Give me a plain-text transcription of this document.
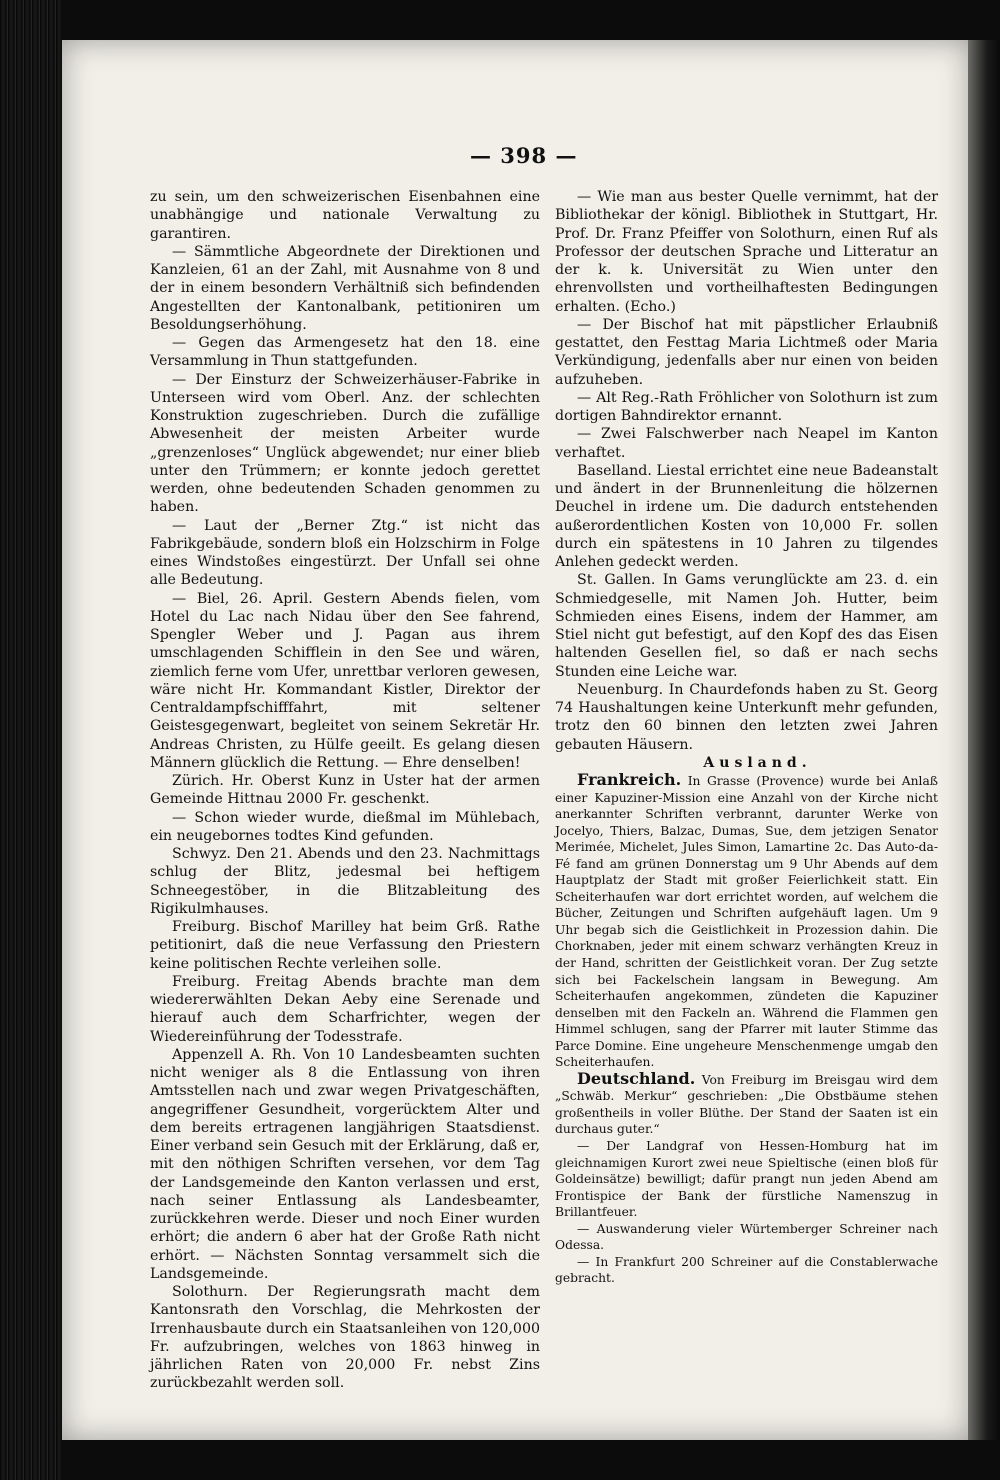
— 398 —

zu sein, um den schweizerischen Eisenbahnen eine unabhängige und nationale Verwaltung zu garantiren.

— Sämmtliche Abgeordnete der Direktionen und Kanzleien, 61 an der Zahl, mit Ausnahme von 8 und der in einem besondern Verhältniß sich befindenden Angestellten der Kantonalbank, petitioniren um Besoldungserhöhung.

— Gegen das Armengesetz hat den 18. eine Versammlung in Thun stattgefunden.

— Der Einsturz der Schweizerhäuser-Fabrike in Unterseen wird vom Oberl. Anz. der schlechten Konstruktion zugeschrieben. Durch die zufällige Abwesenheit der meisten Arbeiter wurde „grenzenloses“ Unglück abgewendet; nur einer blieb unter den Trümmern; er konnte jedoch gerettet werden, ohne bedeutenden Schaden genommen zu haben.

— Laut der „Berner Ztg.“ ist nicht das Fabrikgebäude, sondern bloß ein Holzschirm in Folge eines Windstoßes eingestürzt. Der Unfall sei ohne alle Bedeutung.

— Biel, 26. April. Gestern Abends fielen, vom Hotel du Lac nach Nidau über den See fahrend, Spengler Weber und J. Pagan aus ihrem umschlagenden Schifflein in den See und wären, ziemlich ferne vom Ufer, unrettbar verloren gewesen, wäre nicht Hr. Kommandant Kistler, Direktor der Centraldampfschifffahrt, mit seltener Geistesgegenwart, begleitet von seinem Sekretär Hr. Andreas Christen, zu Hülfe geeilt. Es gelang diesen Männern glücklich die Rettung. — Ehre denselben!

Zürich. Hr. Oberst Kunz in Uster hat der armen Gemeinde Hittnau 2000 Fr. geschenkt.

— Schon wieder wurde, dießmal im Mühlebach, ein neugebornes todtes Kind gefunden.

Schwyz. Den 21. Abends und den 23. Nachmittags schlug der Blitz, jedesmal bei heftigem Schneegestöber, in die Blitzableitung des Rigikulmhauses.

Freiburg. Bischof Marilley hat beim Grß. Rathe petitionirt, daß die neue Verfassung den Priestern keine politischen Rechte verleihen solle.

Freiburg. Freitag Abends brachte man dem wiedererwählten Dekan Aeby eine Serenade und hierauf auch dem Scharfrichter, wegen der Wiedereinführung der Todesstrafe.

Appenzell A. Rh. Von 10 Landesbeamten suchten nicht weniger als 8 die Entlassung von ihren Amtsstellen nach und zwar wegen Privatgeschäften, angegriffener Gesundheit, vorgerücktem Alter und dem bereits ertragenen langjährigen Staatsdienst. Einer verband sein Gesuch mit der Erklärung, daß er, mit den nöthigen Schriften versehen, vor dem Tag der Landsgemeinde den Kanton verlassen und erst, nach seiner Entlassung als Landesbeamter, zurückkehren werde. Dieser und noch Einer wurden erhört; die andern 6 aber hat der Große Rath nicht erhört. — Nächsten Sonntag versammelt sich die Landsgemeinde.

Solothurn. Der Regierungsrath macht dem Kantonsrath den Vorschlag, die Mehrkosten der Irrenhausbaute durch ein Staatsanleihen von 120,000 Fr. aufzubringen, welches von 1863 hinweg in jährlichen Raten von 20,000 Fr. nebst Zins zurückbezahlt werden soll.

— Wie man aus bester Quelle vernimmt, hat der Bibliothekar der königl. Bibliothek in Stuttgart, Hr. Prof. Dr. Franz Pfeiffer von Solothurn, einen Ruf als Professor der deutschen Sprache und Litteratur an der k. k. Universität zu Wien unter den ehrenvollsten und vortheilhaftesten Bedingungen erhalten. (Echo.)

— Der Bischof hat mit päpstlicher Erlaubniß gestattet, den Festtag Maria Lichtmeß oder Maria Verkündigung, jedenfalls aber nur einen von beiden aufzuheben.

— Alt Reg.-Rath Fröhlicher von Solothurn ist zum dortigen Bahndirektor ernannt.

— Zwei Falschwerber nach Neapel im Kanton verhaftet.

Baselland. Liestal errichtet eine neue Badeanstalt und ändert in der Brunnenleitung die hölzernen Deuchel in irdene um. Die dadurch entstehenden außerordentlichen Kosten von 10,000 Fr. sollen durch ein spätestens in 10 Jahren zu tilgendes Anlehen gedeckt werden.

St. Gallen. In Gams verunglückte am 23. d. ein Schmiedgeselle, mit Namen Joh. Hutter, beim Schmieden eines Eisens, indem der Hammer, am Stiel nicht gut befestigt, auf den Kopf des das Eisen haltenden Gesellen fiel, so daß er nach sechs Stunden eine Leiche war.

Neuenburg. In Chaurdefonds haben zu St. Georg 74 Haushaltungen keine Unterkunft mehr gefunden, trotz den 60 binnen den letzten zwei Jahren gebauten Häusern.

Ausland.

Frankreich. In Grasse (Provence) wurde bei Anlaß einer Kapuziner-Mission eine Anzahl von der Kirche nicht anerkannter Schriften verbrannt, darunter Werke von Jocelyo, Thiers, Balzac, Dumas, Sue, dem jetzigen Senator Merimée, Michelet, Jules Simon, Lamartine 2c. Das Auto-da-Fé fand am grünen Donnerstag um 9 Uhr Abends auf dem Hauptplatz der Stadt mit großer Feierlichkeit statt. Ein Scheiterhaufen war dort errichtet worden, auf welchem die Bücher, Zeitungen und Schriften aufgehäuft lagen. Um 9 Uhr begab sich die Geistlichkeit in Prozession dahin. Die Chorknaben, jeder mit einem schwarz verhängten Kreuz in der Hand, schritten der Geistlichkeit voran. Der Zug setzte sich bei Fackelschein langsam in Bewegung. Am Scheiterhaufen angekommen, zündeten die Kapuziner denselben mit den Fackeln an. Während die Flammen gen Himmel schlugen, sang der Pfarrer mit lauter Stimme das Parce Domine. Eine ungeheure Menschenmenge umgab den Scheiterhaufen.

Deutschland. Von Freiburg im Breisgau wird dem „Schwäb. Merkur“ geschrieben: „Die Obstbäume stehen großentheils in voller Blüthe. Der Stand der Saaten ist ein durchaus guter.“

— Der Landgraf von Hessen-Homburg hat im gleichnamigen Kurort zwei neue Spieltische (einen bloß für Goldeinsätze) bewilligt; dafür prangt nun jeden Abend am Frontispice der Bank der fürstliche Namenszug in Brillantfeuer.

— Auswanderung vieler Würtemberger Schreiner nach Odessa.

— In Frankfurt 200 Schreiner auf die Constablerwache gebracht.
